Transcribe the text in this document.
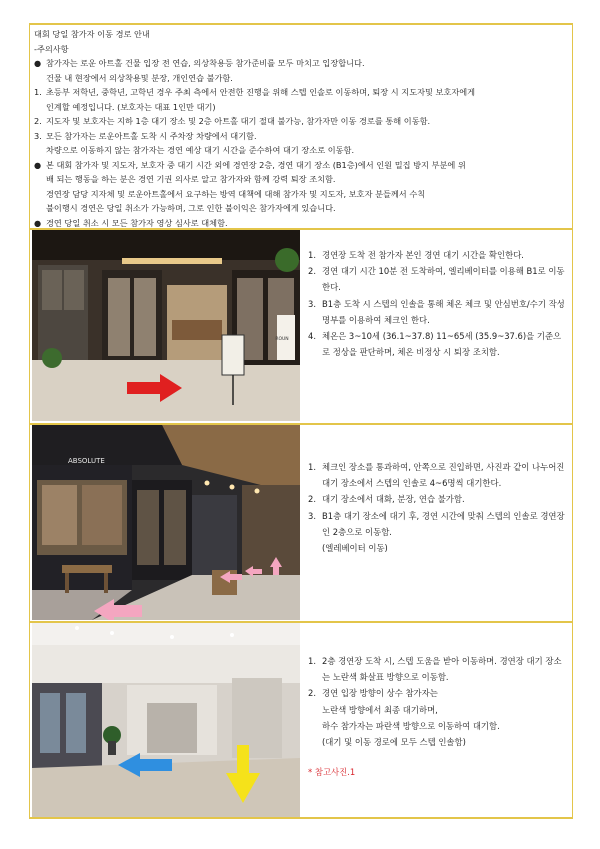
대회 당일 참가자 이동 경로 안내
-주의사항
● 참가자는 로운 아트홀 건물 입장 전 연습, 의상착용등 참가준비를 모두 마치고 입장합니다.
건물 내 현장에서 의상착용및 분장, 개인연습 불가함.
1. 초등부 저학년, 중학년, 고학년 경우 주최 측에서 안전한 진행을 위해 스텝 인솔로 이동하며, 퇴장 시 지도자및 보호자에게
인계할 예정입니다. (보호자는 대표 1인만 대기)
2. 지도자 및 보호자는 지하 1층 대기 장소 및 2층 아트홀 대기 절대 불가능, 참가자만 이동 경로를 통해 이동함.
3. 모든 참가자는 로운아트홀 도착 시 주차장 차량에서 대기함.
차량으로 이동하지 않는 참가자는 경연 예상 대기 시간을 준수하여 대기 장소로 이동함.
● 본 대회 참가자 및 지도자, 보호자 중 대기 시간 외에 경연장 2층, 경연 대기 장소 (B1층)에서 인원 밀집 방지 부분에 위
배 되는 행동을 하는 분은 경연 기권 의사로 알고 참가자와 함께 강력 퇴장 조치함.
경연장 담당 지자체 및 로운아트홀에서 요구하는 방역 대책에 대해 참가자 및 지도자, 보호자 분들께서 수칙
불이행시 경연은 당일 취소가 가능하며, 그로 인한 불이익은 참가자에게 있습니다.
● 경연 당일 취소 시 모든 참가자 영상 심사로 대체함.
ROUN
1. 경연장 도착 전 참가자 본인 경연 대기 시간을 확인한다.
2. 경연 대기 시간 10분 전 도착하여, 엘리베이터를 이용해 B1로 이동한다.
3. B1층 도착 시 스텝의 인솔을 통해 체온 체크 및 안심번호/수기 작성 명부를 이용하여 체크인 한다.
4. 체온은 3~10세 (36.1~37.8) 11~65세 (35.9~37.6)을 기준으로 정상을 판단하며, 체온 비정상 시 퇴장 조치함.
ABSOLUTE
1. 체크인 장소를 통과하여, 안쪽으로 진입하면, 사진과 같이 나누어진 대기 장소에서 스텝의 인솔로 4~6명씩 대기한다.
2. 대기 장소에서 대화, 분장, 연습 불가함.
3. B1층 대기 장소에 대기 후, 경연 시간에 맞춰 스텝의 인솔로 경연장인 2층으로 이동함.
(엘레베이터 이동)
1. 2층 경연장 도착 시, 스텝 도움을 받아 이동하며. 경연장 대기 장소는 노란색 화살표 방향으로 이동함.
2. 경연 입장 방향이 상수 참가자는
노란색 방향에서 최종 대기하며,
하수 참가자는 파란색 방향으로 이동하여 대기함.
(대기 및 이동 경로에 모두 스텝 인솔함)
* 참고사진.1
